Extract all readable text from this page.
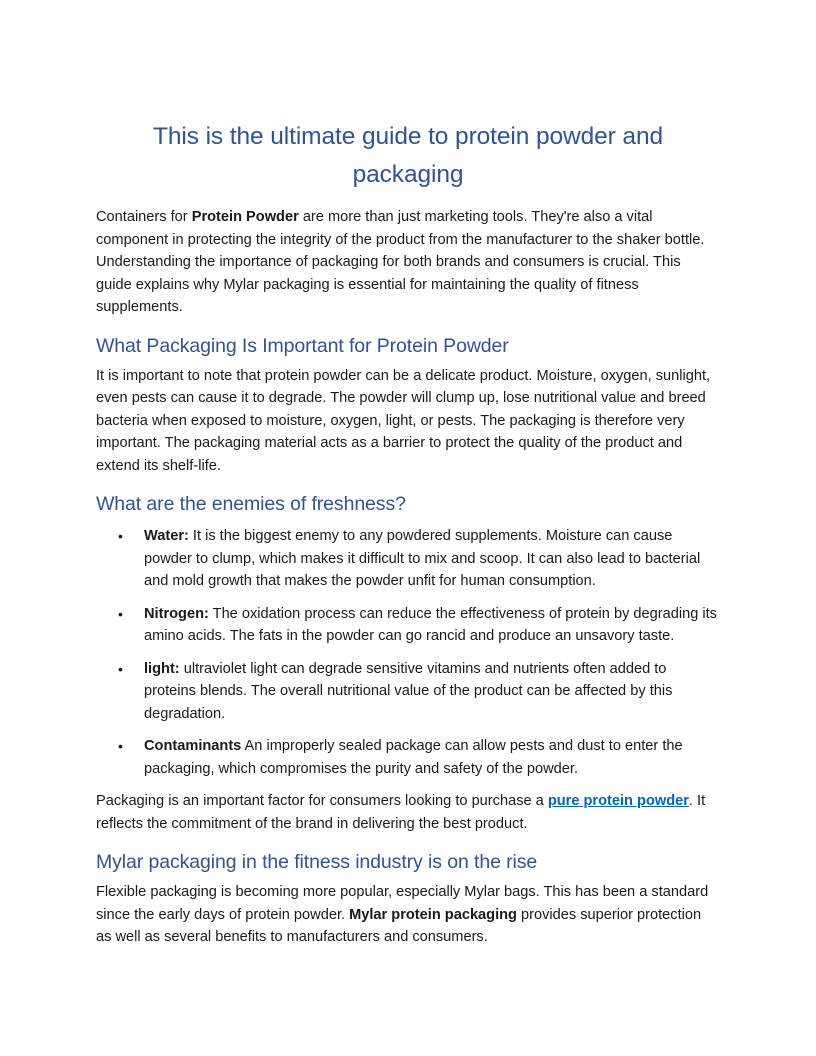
This is the ultimate guide to protein powder and
packaging

Containers for Protein Powder are more than just marketing tools. They're also a vital component in protecting the integrity of the product from the manufacturer to the shaker bottle. Understanding the importance of packaging for both brands and consumers is crucial. This guide explains why Mylar packaging is essential for maintaining the quality of fitness supplements.

What Packaging Is Important for Protein Powder

It is important to note that protein powder can be a delicate product. Moisture, oxygen, sunlight, even pests can cause it to degrade. The powder will clump up, lose nutritional value and breed bacteria when exposed to moisture, oxygen, light, or pests. The packaging is therefore very important. The packaging material acts as a barrier to protect the quality of the product and extend its shelf-life.

What are the enemies of freshness?
• Water: It is the biggest enemy to any powdered supplements. Moisture can cause powder to clump, which makes it difficult to mix and scoop. It can also lead to bacterial and mold growth that makes the powder unfit for human consumption.
• Nitrogen: The oxidation process can reduce the effectiveness of protein by degrading its amino acids. The fats in the powder can go rancid and produce an unsavory taste.
• light: ultraviolet light can degrade sensitive vitamins and nutrients often added to proteins blends. The overall nutritional value of the product can be affected by this degradation.
• Contaminants An improperly sealed package can allow pests and dust to enter the packaging, which compromises the purity and safety of the powder.

Packaging is an important factor for consumers looking to purchase a pure protein powder. It reflects the commitment of the brand in delivering the best product.

Mylar packaging in the fitness industry is on the rise

Flexible packaging is becoming more popular, especially Mylar bags. This has been a standard since the early days of protein powder. Mylar protein packaging provides superior protection as well as several benefits to manufacturers and consumers.
